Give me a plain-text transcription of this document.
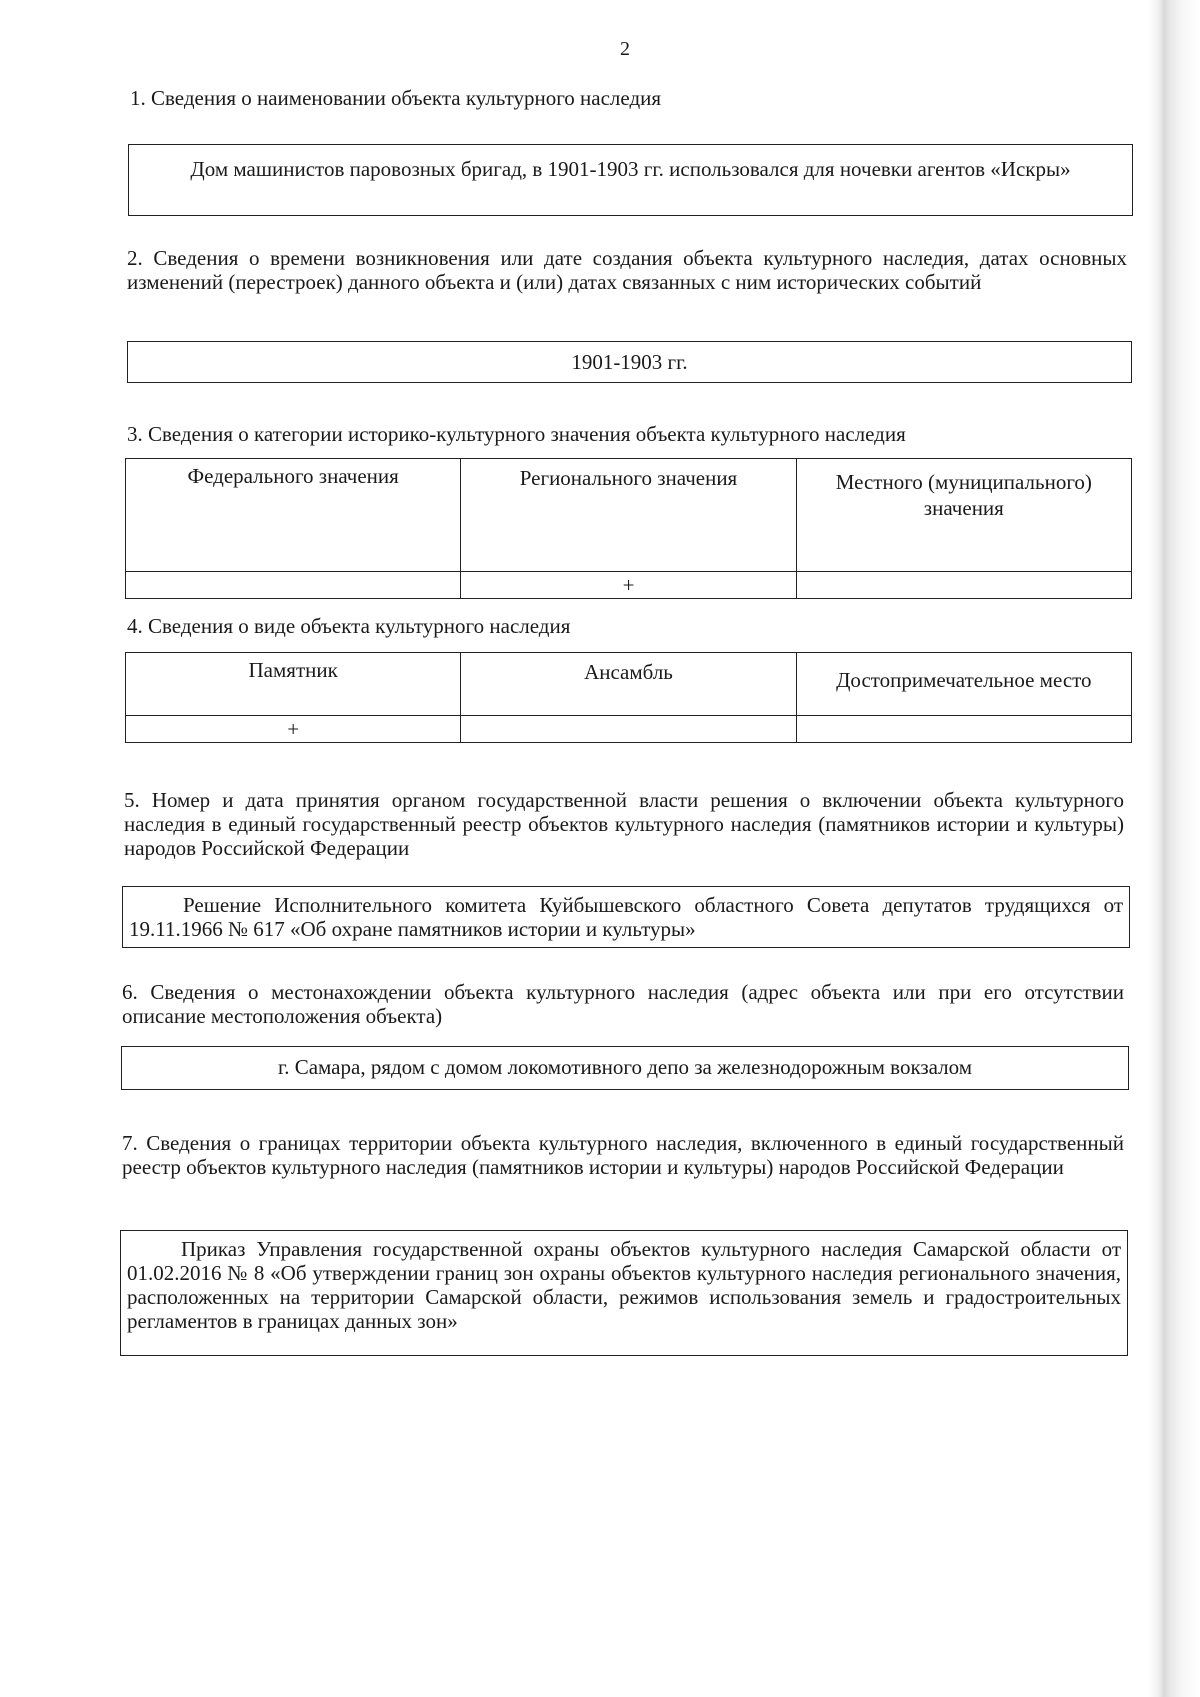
2

1. Сведения о наименовании объекта культурного наследия

Дом машинистов паровозных бригад, в 1901-1903 гг. использовался для ночевки агентов «Искры»

2. Сведения о времени возникновения или дате создания объекта культурного наследия, датах основных изменений (перестроек) данного объекта и (или) датах связанных с ним исторических событий

1901-1903 гг.

3. Сведения о категории историко-культурного значения объекта культурного наследия

Федерального значения	Регионального значения	Местного (муниципального) значения
	+	

4. Сведения о виде объекта культурного наследия

Памятник	Ансамбль	Достопримечательное место
+		

5. Номер и дата принятия органом государственной власти решения о включении объекта культурного наследия в единый государственный реестр объектов культурного наследия (памятников истории и культуры) народов Российской Федерации

Решение Исполнительного комитета Куйбышевского областного Совета депутатов трудящихся от 19.11.1966 № 617 «Об охране памятников истории и культуры»

6. Сведения о местонахождении объекта культурного наследия (адрес объекта или при его отсутствии описание местоположения объекта)

г. Самара, рядом с домом локомотивного депо за железнодорожным вокзалом

7. Сведения о границах территории объекта культурного наследия, включенного в единый государственный реестр объектов культурного наследия (памятников истории и культуры) народов Российской Федерации

Приказ Управления государственной охраны объектов культурного наследия Самарской области от 01.02.2016 № 8 «Об утверждении границ зон охраны объектов культурного наследия регионального значения, расположенных на территории Самарской области, режимов использования земель и градостроительных регламентов в границах данных зон»
